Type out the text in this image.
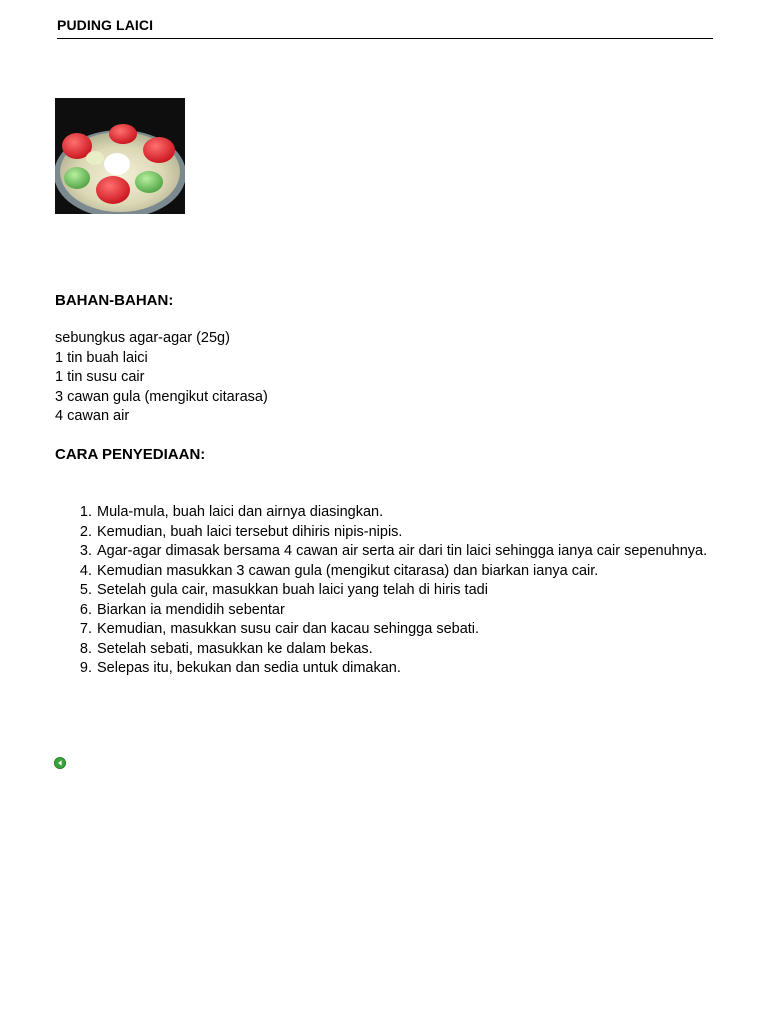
PUDING LAICI
BAHAN-BAHAN:
sebungkus agar-agar (25g)
1 tin buah laici
1 tin susu cair
3 cawan gula (mengikut citarasa)
4 cawan air
CARA PENYEDIAAN:
1. Mula-mula, buah laici dan airnya diasingkan.
2. Kemudian, buah laici tersebut dihiris nipis-nipis.
3. Agar-agar dimasak bersama 4 cawan air serta air dari tin laici sehingga ianya cair sepenuhnya.
4. Kemudian masukkan 3 cawan gula (mengikut citarasa) dan biarkan ianya cair.
5. Setelah gula cair, masukkan buah laici yang telah di hiris tadi
6. Biarkan ia mendidih sebentar
7. Kemudian, masukkan susu cair dan kacau sehingga sebati.
8. Setelah sebati, masukkan ke dalam bekas.
9. Selepas itu, bekukan dan sedia untuk dimakan.
